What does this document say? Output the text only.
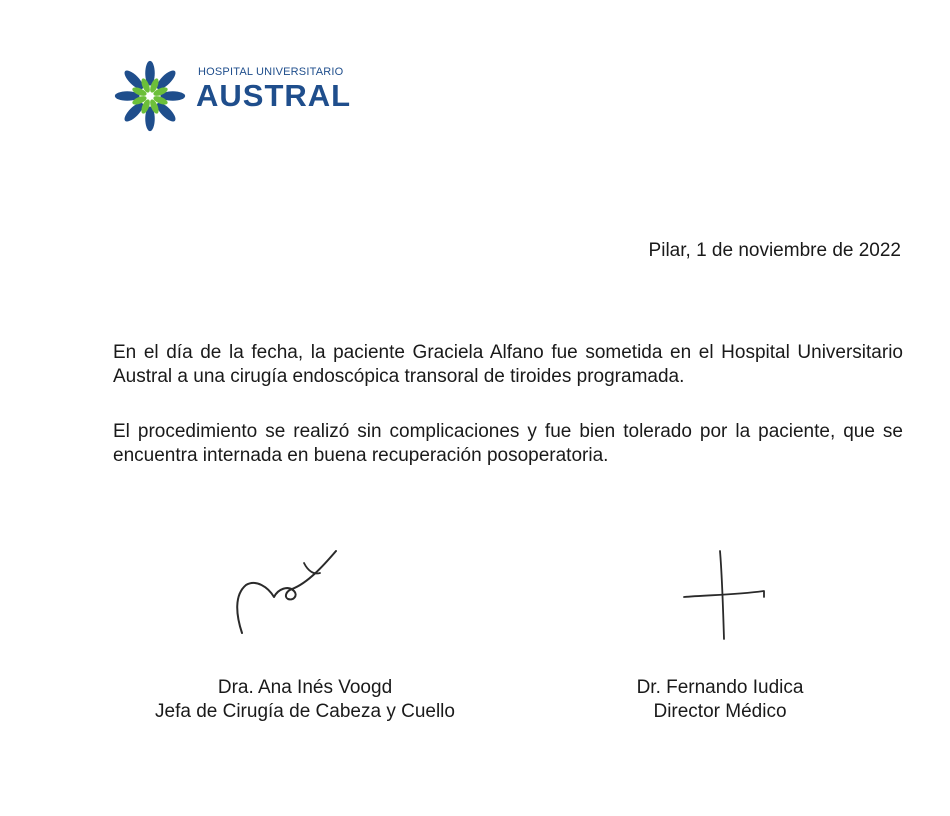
HOSPITAL UNIVERSITARIO
AUSTRAL
Pilar, 1 de noviembre de 2022

En el día de la fecha, la paciente Graciela Alfano fue sometida en el Hospital Universitario Austral a una cirugía endoscópica transoral de tiroides programada.

El procedimiento se realizó sin complicaciones y fue bien tolerado por la paciente, que se encuentra internada en buena recuperación posoperatoria.

Dra. Ana Inés Voogd
Jefa de Cirugía de Cabeza y Cuello
Dr. Fernando Iudica
Director Médico
